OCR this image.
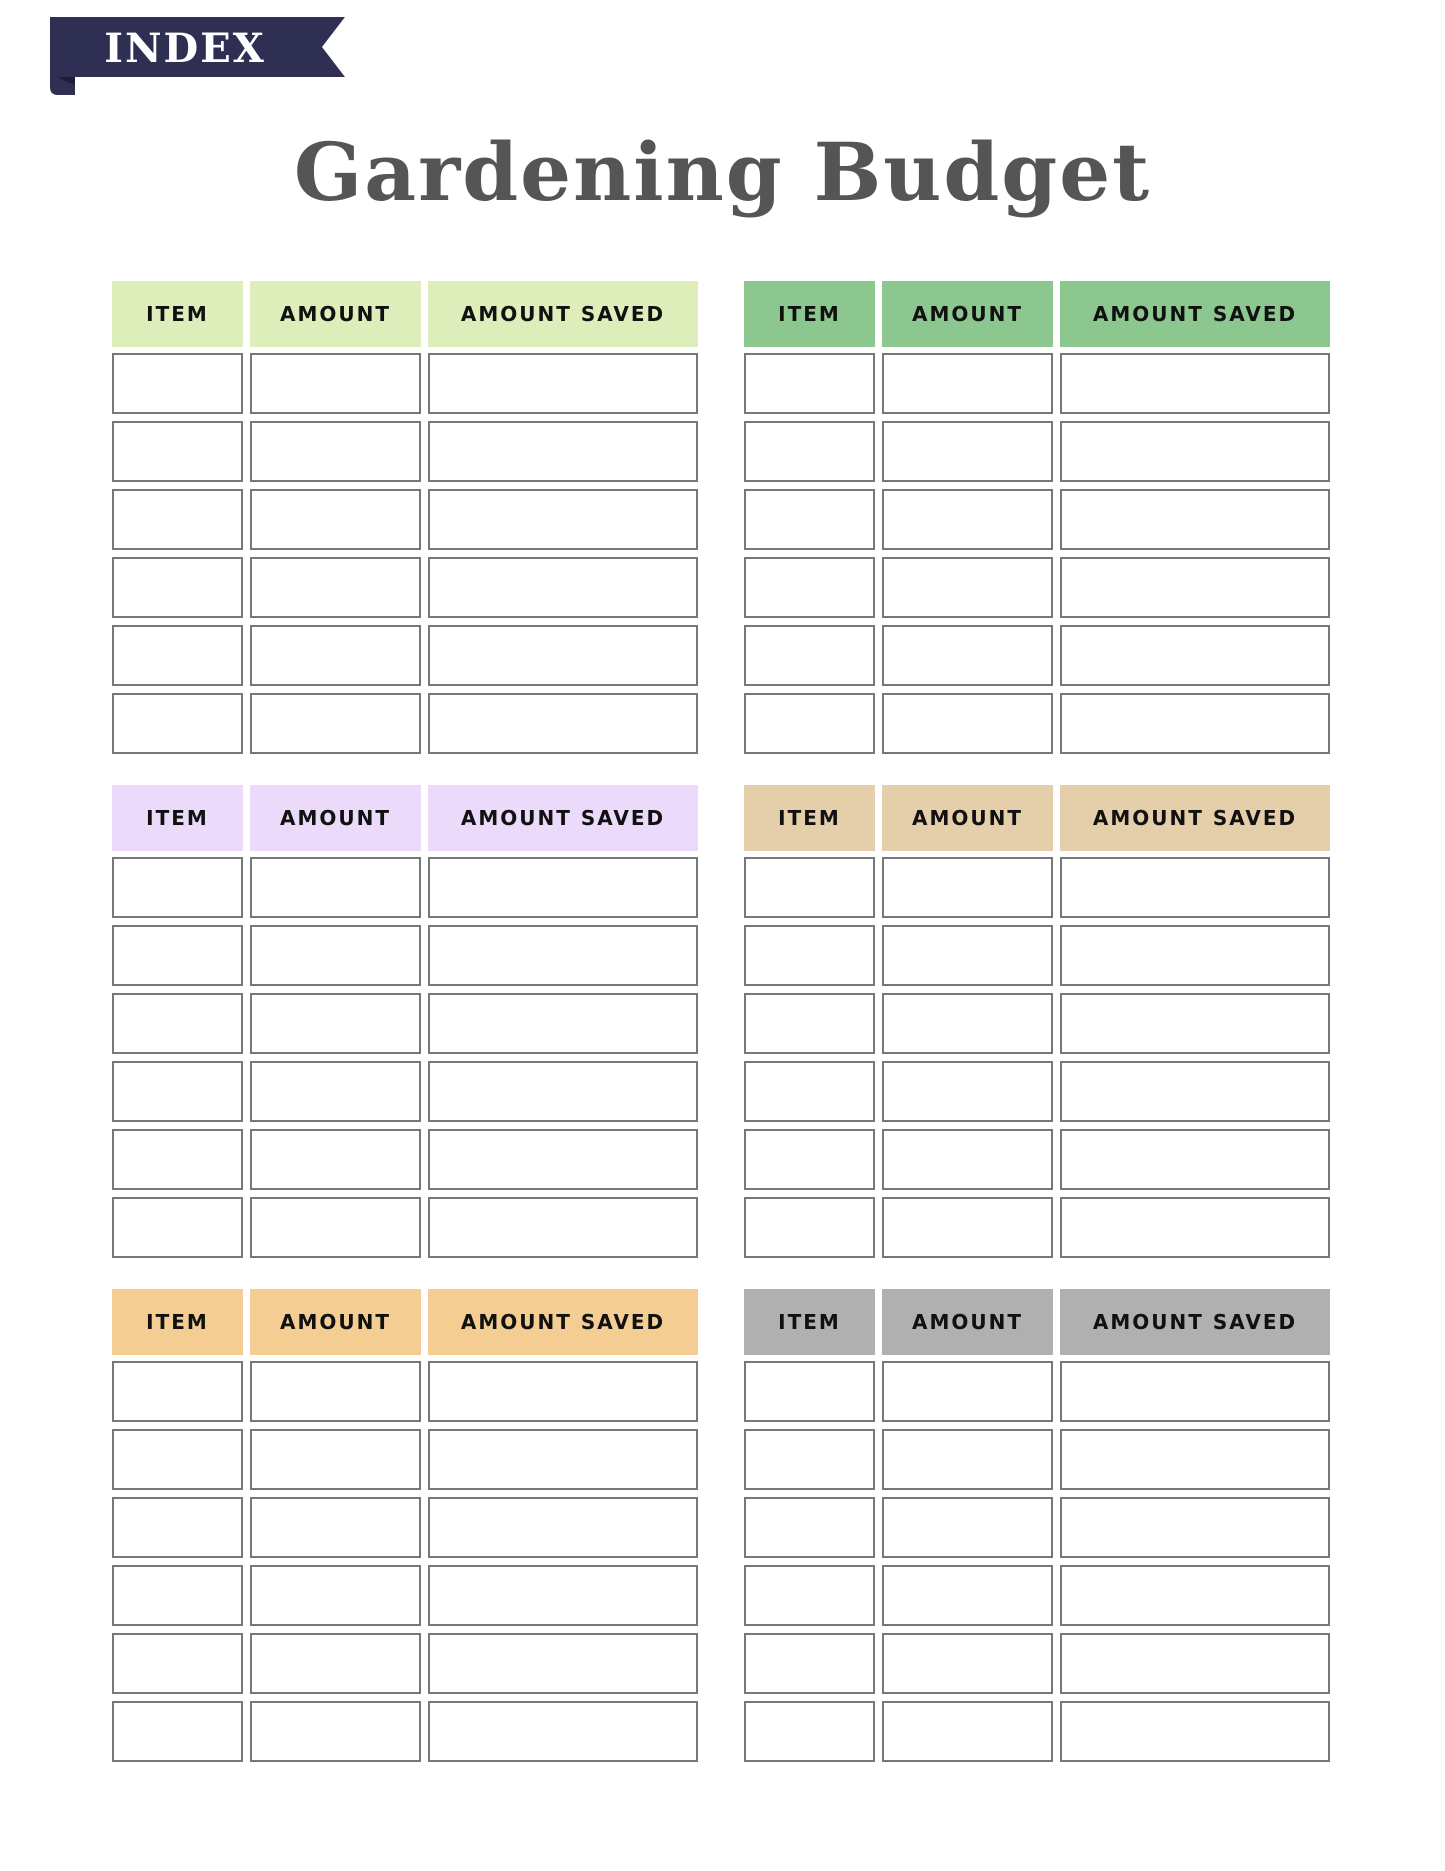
INDEX
Gardening Budget
ITEM	AMOUNT	AMOUNT SAVED	ITEM	AMOUNT	AMOUNT SAVED
ITEM	AMOUNT	AMOUNT SAVED	ITEM	AMOUNT	AMOUNT SAVED
ITEM	AMOUNT	AMOUNT SAVED	ITEM	AMOUNT	AMOUNT SAVED
